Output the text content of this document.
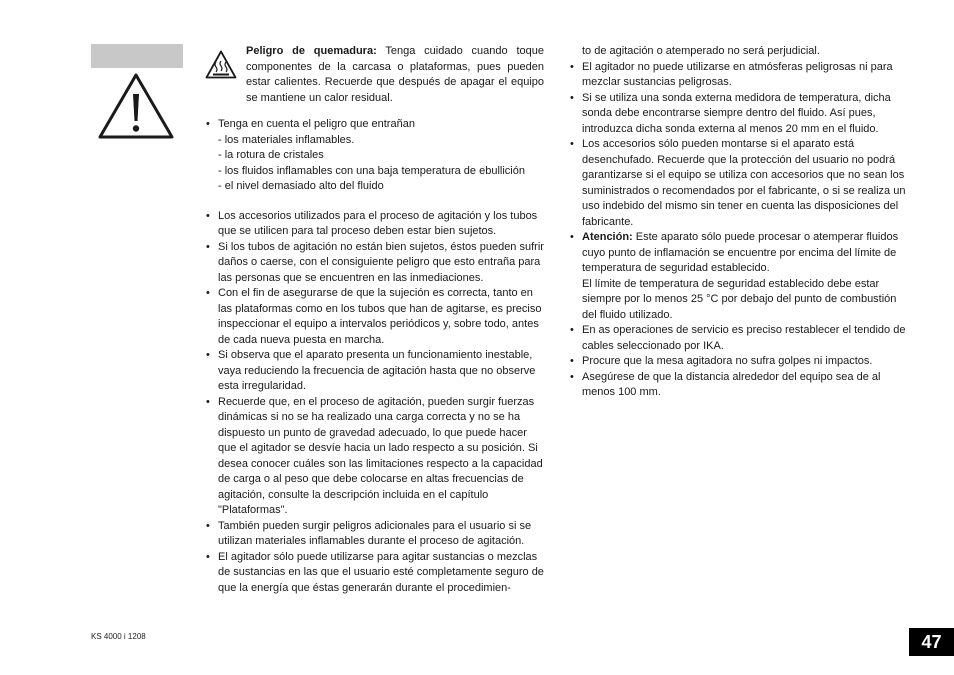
Peligro de quemadura: Tenga cuidado cuando toque componentes de la carcasa o plataformas, pues pueden estar calientes. Recuerde que después de apagar el equipo se mantiene un calor residual.
• Tenga en cuenta el peligro que entrañan
- los materiales inflamables.
- la rotura de cristales
- los fluidos inflamables con una baja temperatura de ebullición
- el nivel demasiado alto del fluido
• Los accesorios utilizados para el proceso de agitación y los tubos que se utilicen para tal proceso deben estar bien sujetos.
• Si los tubos de agitación no están bien sujetos, éstos pueden sufrir daños o caerse, con el consiguiente peligro que esto entraña para las personas que se encuentren en las inmediaciones.
• Con el fin de asegurarse de que la sujeción es correcta, tanto en las plataformas como en los tubos que han de agitarse, es preciso inspeccionar el equipo a intervalos periódicos y, sobre todo, antes de cada nueva puesta en marcha.
• Si observa que el aparato presenta un funcionamiento inestable, vaya reduciendo la frecuencia de agitación hasta que no observe esta irregularidad.
• Recuerde que, en el proceso de agitación, pueden surgir fuerzas dinámicas si no se ha realizado una carga correcta y no se ha dispuesto un punto de gravedad adecuado, lo que puede hacer que el agitador se desvíe hacia un lado respecto a su posición. Si desea conocer cuáles son las limitaciones respecto a la capacidad de carga o al peso que debe colocarse en altas frecuencias de agitación, consulte la descripción incluida en el capítulo "Plataformas".
• También pueden surgir peligros adicionales para el usuario si se utilizan materiales inflamables durante el proceso de agitación.
• El agitador sólo puede utilizarse para agitar sustancias o mezclas de sustancias en las que el usuario esté completamente seguro de que la energía que éstas generarán durante el procedimien-
to de agitación o atemperado no será perjudicial.
• El agitador no puede utilizarse en atmósferas peligrosas ni para mezclar sustancias peligrosas.
• Si se utiliza una sonda externa medidora de temperatura, dicha sonda debe encontrarse siempre dentro del fluido. Así pues, introduzca dicha sonda externa al menos 20 mm en el fluido.
• Los accesorios sólo pueden montarse si el aparato está desenchufado. Recuerde que la protección del usuario no podrá garantizarse si el equipo se utiliza con accesorios que no sean los suministrados o recomendados por el fabricante, o si se realiza un uso indebido del mismo sin tener en cuenta las disposiciones del fabricante.
• Atención: Este aparato sólo puede procesar o atemperar fluidos cuyo punto de inflamación se encuentre por encima del límite de temperatura de seguridad establecido.
El límite de temperatura de seguridad establecido debe estar siempre por lo menos 25 °C por debajo del punto de combustión del fluido utilizado.
• En as operaciones de servicio es preciso restablecer el tendido de cables seleccionado por IKA.
• Procure que la mesa agitadora no sufra golpes ni impactos.
• Asegúrese de que la distancia alrededor del equipo sea de al menos 100 mm.
KS 4000 i 1208	47
